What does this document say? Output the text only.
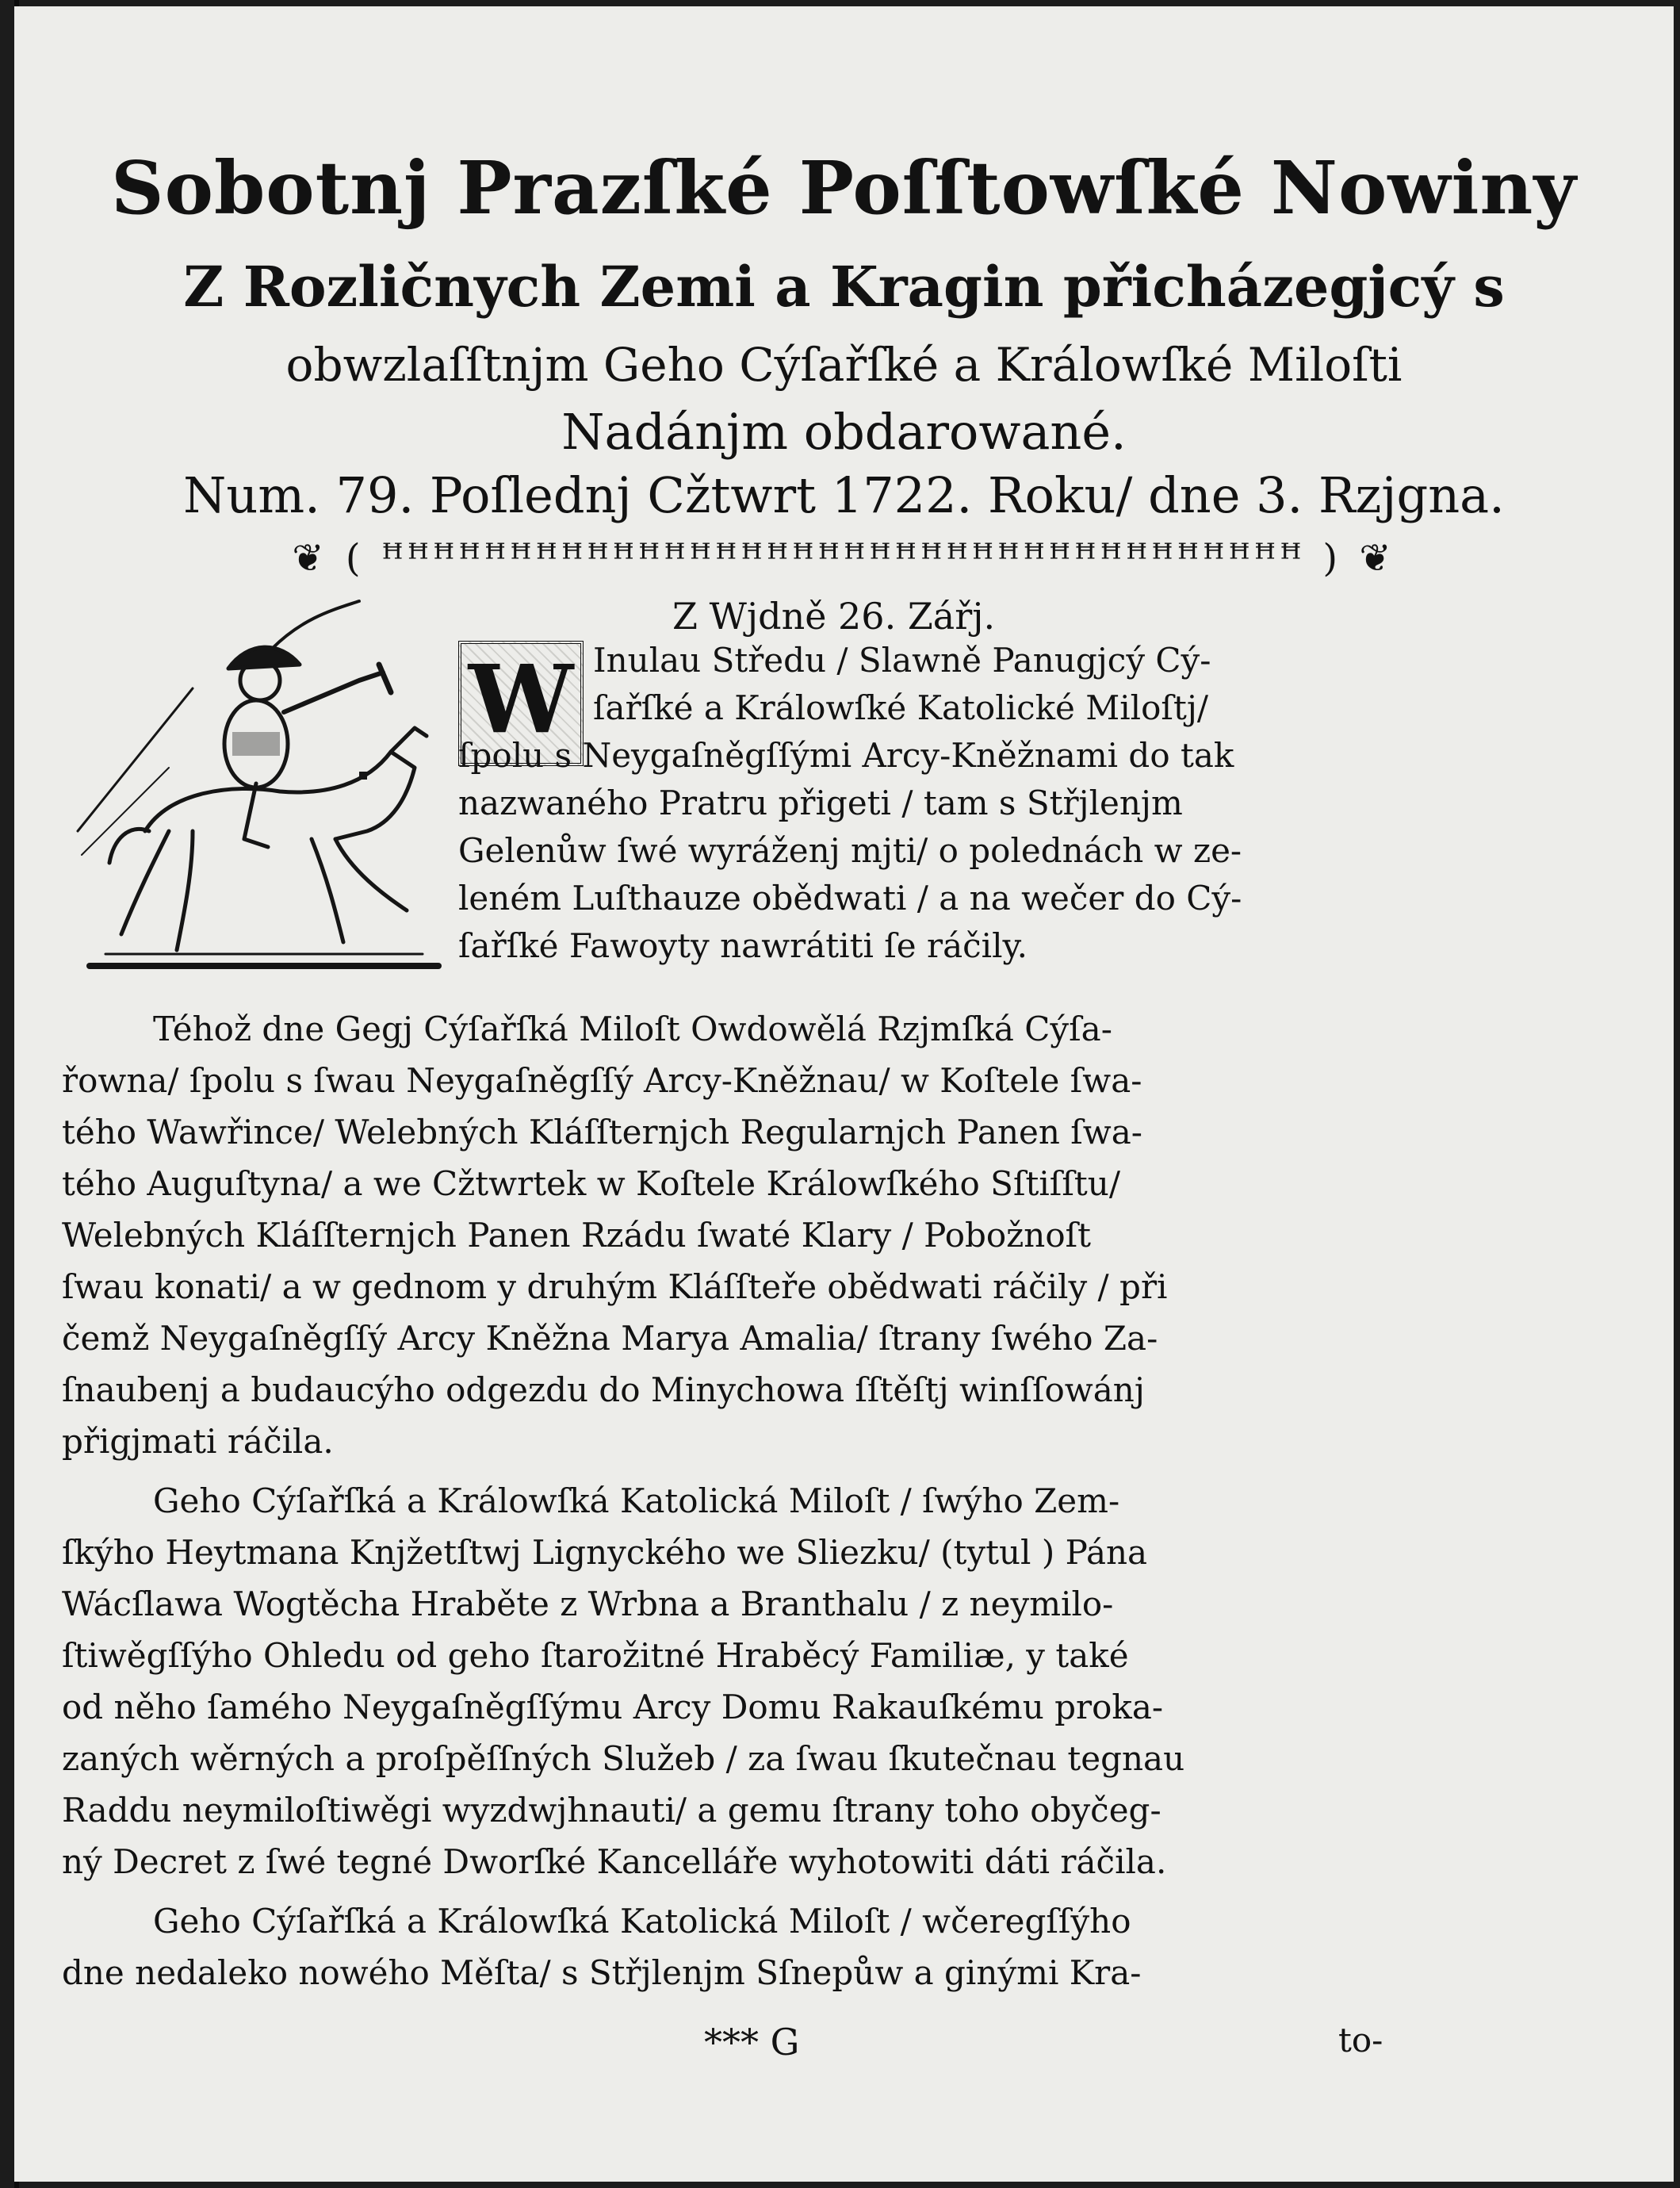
Sobotnj Prazſké Poſſtowſké Nowiny
Z Rozličnych Zemi a Kragin přicházegjcý s
obwzlaſſtnjm Geho Cýſařſké a Králowſké Miloſti
Nadánjm obdarowané.
Num. 79. Poſlednj Cžtwrt 1722. Roku/ dne 3. Rzjgna.
❦ ( ꟸꟸꟸꟸꟸꟸꟸꟸꟸꟸꟸꟸꟸꟸꟸꟸꟸꟸꟸꟸꟸꟸꟸꟸꟸꟸꟸꟸꟸꟸꟸꟸꟸꟸꟸꟸ ) ❦
Z Wjdně 26. Zářj.
W Inulau Středu / Slawně Panugjcý Cý-
ſařſké a Králowſké Katolické Miloſtj/
ſpolu s Neygaſněgſſými Arcy-Kněžnami do tak
nazwaného Pratru přigeti / tam s Střjlenjm
Gelenůw ſwé wyráženj mjti/ o polednách w ze-
leném Luſthauze obědwati / a na wečer do Cý-
ſařſké Fawoyty nawrátiti ſe ráčily.
Téhož dne Gegj Cýſařſká Miloſt Owdowělá Rzjmſká Cýſa-
řowna/ ſpolu s ſwau Neygaſněgſſý Arcy-Kněžnau/ w Koſtele ſwa-
tého Wawřince/ Welebných Kláſſternjch Regularnjch Panen ſwa-
tého Auguſtyna/ a we Cžtwrtek w Koſtele Králowſkého Sſtiſſtu/
Welebných Kláſſternjch Panen Rzádu ſwaté Klary / Pobožnoſt
ſwau konati/ a w gednom y druhým Kláſſteře obědwati ráčily / při
čemž Neygaſněgſſý Arcy Kněžna Marya Amalia/ ſtrany ſwého Za-
ſnaubenj a budaucýho odgezdu do Minychowa ſſtěſtj winſſowánj
přigjmati ráčila.
Geho Cýſařſká a Králowſká Katolická Miloſt / ſwýho Zem-
ſkýho Heytmana Knjžetſtwj Lignyckého we Sliezku/ (tytul ) Pána
Wácſlawa Wogtěcha Hraběte z Wrbna a Branthalu / z neymilo-
ſtiwěgſſýho Ohledu od geho ſtarožitné Hraběcý Familiæ, y také
od něho ſamého Neygaſněgſſýmu Arcy Domu Rakauſkému proka-
zaných wěrných a proſpěſſných Služeb / za ſwau ſkutečnau tegnau
Raddu neymiloſtiwěgi wyzdwjhnauti/ a gemu ſtrany toho obyčeg-
ný Decret z ſwé tegné Dworſké Kancelláře wyhotowiti dáti ráčila.
Geho Cýſařſká a Králowſká Katolická Miloſt / wčeregſſýho
dne nedaleko nowého Měſta/ s Střjlenjm Sſnepůw a ginými Kra-
*** G	to-
